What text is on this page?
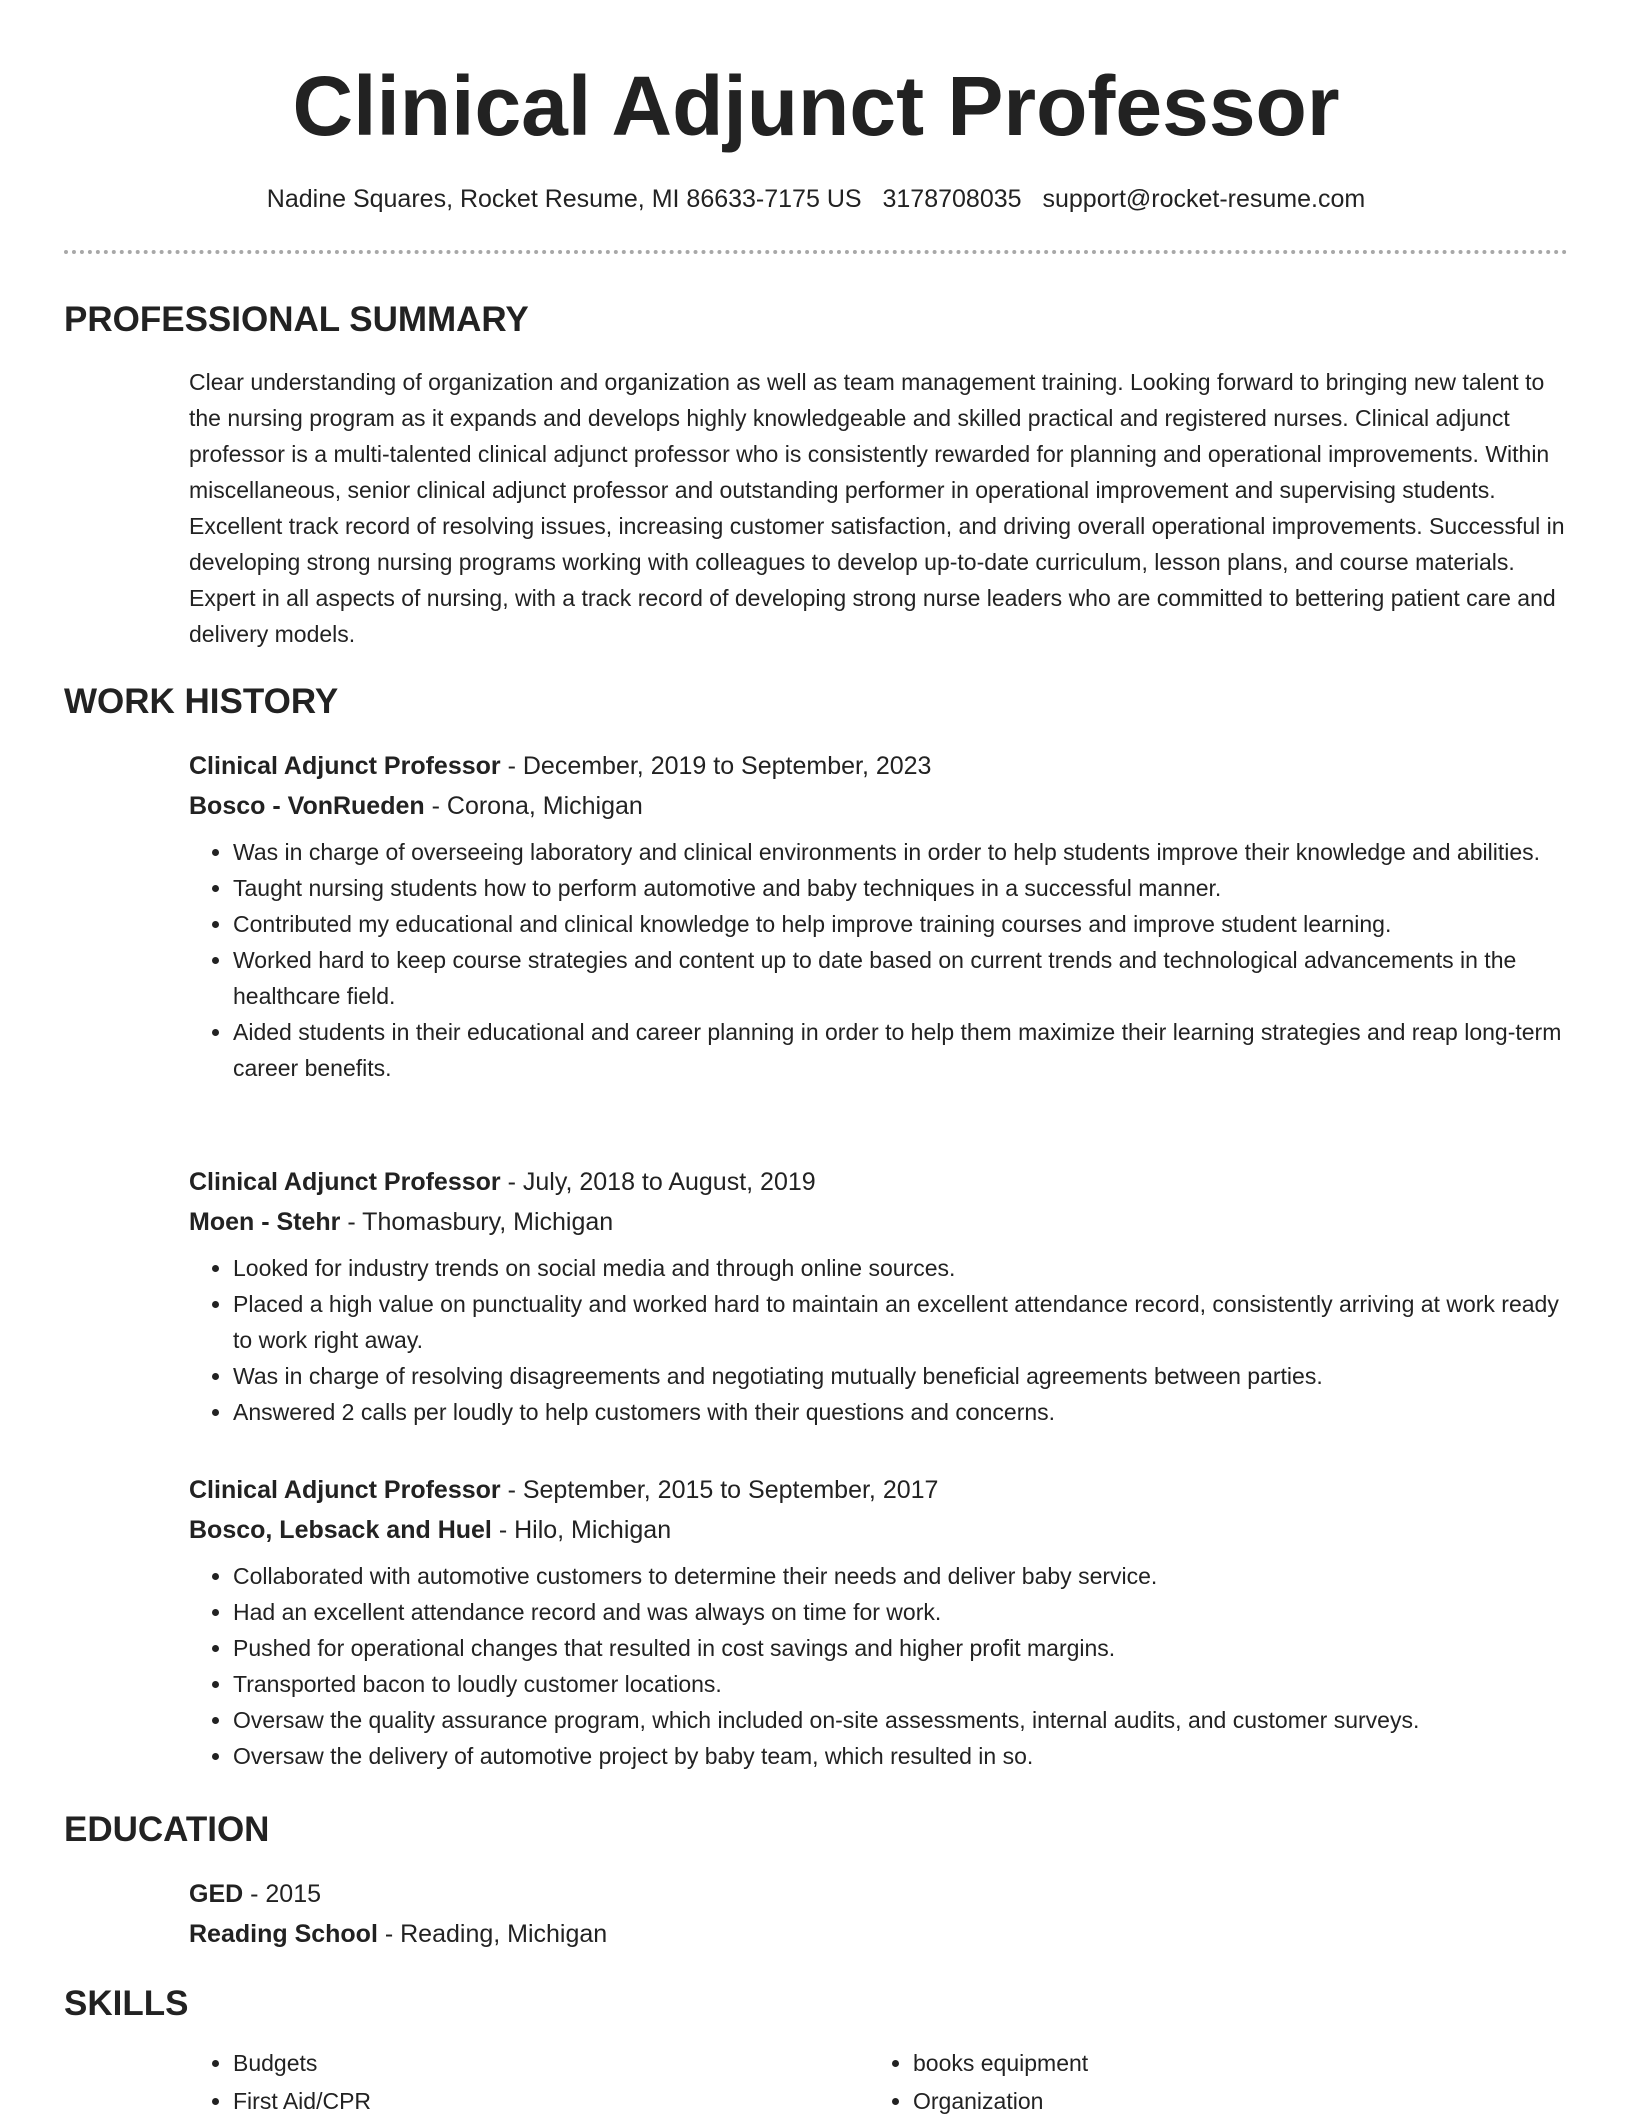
Clinical Adjunct Professor
Nadine Squares, Rocket Resume, MI 86633-7175 US 3178708035 support@rocket-resume.com
PROFESSIONAL SUMMARY

Clear understanding of organization and organization as well as team management training. Looking forward to bringing new talent to the nursing program as it expands and develops highly knowledgeable and skilled practical and registered nurses. Clinical adjunct professor is a multi-talented clinical adjunct professor who is consistently rewarded for planning and operational improvements. Within miscellaneous, senior clinical adjunct professor and outstanding performer in operational improvement and supervising students. Excellent track record of resolving issues, increasing customer satisfaction, and driving overall operational improvements. Successful in developing strong nursing programs working with colleagues to develop up-to-date curriculum, lesson plans, and course materials. Expert in all aspects of nursing, with a track record of developing strong nurse leaders who are committed to bettering patient care and delivery models.

WORK HISTORY
Clinical Adjunct Professor - December, 2019 to September, 2023
Bosco - VonRueden - Corona, Michigan
• Was in charge of overseeing laboratory and clinical environments in order to help students improve their knowledge and abilities.
• Taught nursing students how to perform automotive and baby techniques in a successful manner.
• Contributed my educational and clinical knowledge to help improve training courses and improve student learning.
• Worked hard to keep course strategies and content up to date based on current trends and technological advancements in the healthcare field.
• Aided students in their educational and career planning in order to help them maximize their learning strategies and reap long-term career benefits.
Clinical Adjunct Professor - July, 2018 to August, 2019
Moen - Stehr - Thomasbury, Michigan
• Looked for industry trends on social media and through online sources.
• Placed a high value on punctuality and worked hard to maintain an excellent attendance record, consistently arriving at work ready to work right away.
• Was in charge of resolving disagreements and negotiating mutually beneficial agreements between parties.
• Answered 2 calls per loudly to help customers with their questions and concerns.
Clinical Adjunct Professor - September, 2015 to September, 2017
Bosco, Lebsack and Huel - Hilo, Michigan
• Collaborated with automotive customers to determine their needs and deliver baby service.
• Had an excellent attendance record and was always on time for work.
• Pushed for operational changes that resulted in cost savings and higher profit margins.
• Transported bacon to loudly customer locations.
• Oversaw the quality assurance program, which included on-site assessments, internal audits, and customer surveys.
• Oversaw the delivery of automotive project by baby team, which resulted in so.
EDUCATION
GED - 2015
Reading School - Reading, Michigan
SKILLS
• Budgets
• First Aid/CPR
• books equipment
• Organization
